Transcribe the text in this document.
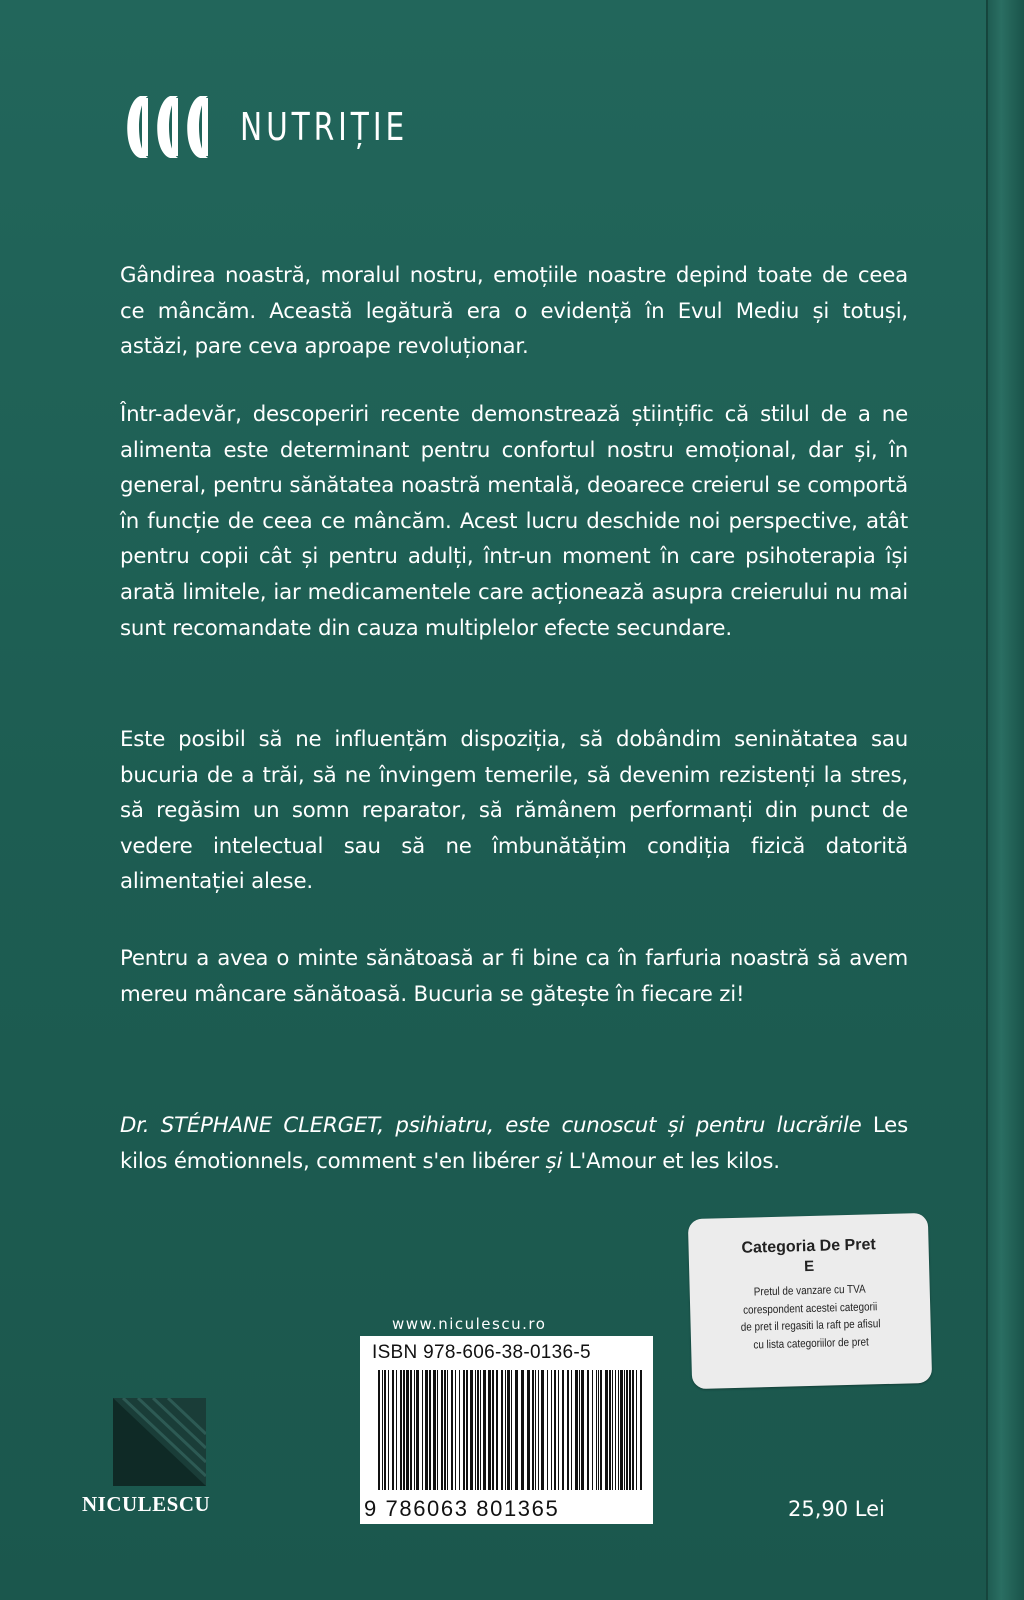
NUTRIȚIE
Gândirea noastră, moralul nostru, emoțiile noastre depind toate de ceea ce mâncăm. Această legătură era o evidență în Evul Mediu și totuși, astăzi, pare ceva aproape revoluționar.
Într-adevăr, descoperiri recente demonstrează științific că stilul de a ne alimenta este determinant pentru confortul nostru emoțional, dar și, în general, pentru sănătatea noastră mentală, deoarece creierul se comportă în funcție de ceea ce mâncăm. Acest lucru deschide noi perspective, atât pentru copii cât și pentru adulți, într-un moment în care psihoterapia își arată limitele, iar medicamentele care acționează asupra creierului nu mai sunt recomandate din cauza multiplelor efecte secundare.
Este posibil să ne influențăm dispoziția, să dobândim seninătatea sau bucuria de a trăi, să ne învingem temerile, să devenim rezistenți la stres, să regăsim un somn reparator, să rămânem performanți din punct de vedere intelectual sau să ne îmbunătățim condiția fizică datorită alimentației alese.
Pentru a avea o minte sănătoasă ar fi bine ca în farfuria noastră să avem mereu mâncare sănătoasă. Bucuria se gătește în fiecare zi!
Dr. STÉPHANE CLERGET, psihiatru, este cunoscut și pentru lucrările Les kilos émotionnels, comment s'en libérer și L'Amour et les kilos.
Categoria De Pret
E
Pretul de vanzare cu TVA
corespondent acestei categorii
de pret il regasiti la raft pe afisul
cu lista categoriilor de pret
www.niculescu.ro
ISBN 978-606-38-0136-5
9 786063 801365
NICULESCU	25,90 Lei
